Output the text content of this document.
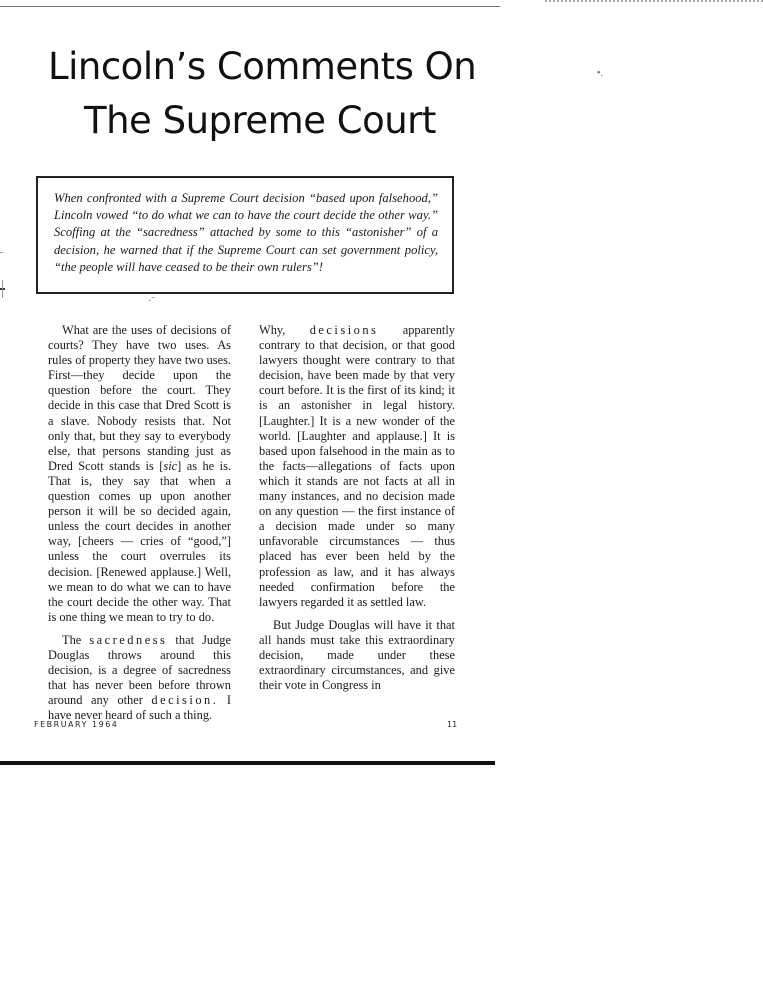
Lincoln’s Comments On
The Supreme Court
•.
·˜

When confronted with a Supreme Court decision “based upon falsehood,” Lincoln vowed “to do what we can to have the court decide the other way.” Scoffing at the “sacredness” attached by some to this “astonisher” of a decision, he warned that if the Supreme Court can set government policy, “the people will have ceased to be their own rulers”!

What are the uses of decisions of courts? They have two uses. As rules of property they have two uses. First—they decide upon the question before the court. They decide in this case that Dred Scott is a slave. Nobody resists that. Not only that, but they say to everybody else, that persons standing just as Dred Scott stands is [sic] as he is. That is, they say that when a question comes up upon another person it will be so decided again, unless the court decides in another way, [cheers — cries of “good,”] unless the court overrules its decision. [Renewed applause.] Well, we mean to do what we can to have the court decide the other way. That is one thing we mean to try to do.

The sacredness that Judge Douglas throws around this decision, is a degree of sacredness that has never been before thrown around any other decision. I have never heard of such a thing.

Why, decisions apparently contrary to that decision, or that good lawyers thought were contrary to that decision, have been made by that very court before. It is the first of its kind; it is an astonisher in legal history. [Laughter.] It is a new wonder of the world. [Laughter and applause.] It is based upon falsehood in the main as to the facts—allegations of facts upon which it stands are not facts at all in many instances, and no decision made on any question — the first instance of a decision made under so many unfavorable circumstances — thus placed has ever been held by the profession as law, and it has always needed confirmation before the lawyers regarded it as settled law.

But Judge Douglas will have it that all hands must take this extraordinary decision, made under these extraordinary circumstances, and give their vote in Congress in

FEBRUARY 1964	11
